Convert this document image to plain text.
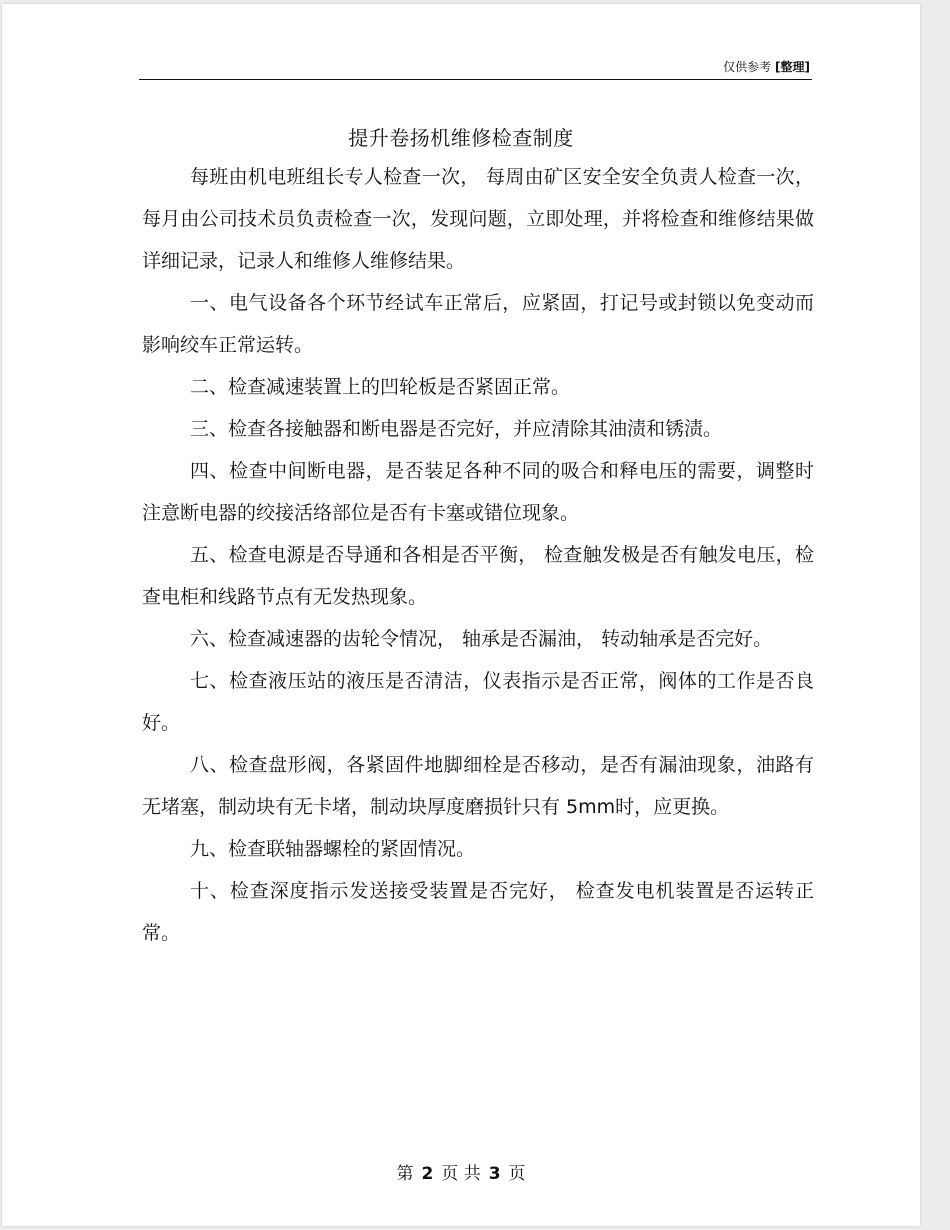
仅供参考 [整理]
提升卷扬机维修检查制度

每班由机电班组长专人检查一次， 每周由矿区安全安全负责人检查一次，每月由公司技术员负责检查一次，发现问题，立即处理，并将检查和维修结果做详细记录，记录人和维修人维修结果。

一、电气设备各个环节经试车正常后，应紧固，打记号或封锁以免变动而影响绞车正常运转。

二、检查减速装置上的凹轮板是否紧固正常。

三、检查各接触器和断电器是否完好，并应清除其油渍和锈渍。

四、检查中间断电器，是否装足各种不同的吸合和释电压的需要，调整时注意断电器的绞接活络部位是否有卡塞或错位现象。

五、检查电源是否导通和各相是否平衡， 检查触发极是否有触发电压，检查电柜和线路节点有无发热现象。

六、检查减速器的齿轮令情况， 轴承是否漏油， 转动轴承是否完好。

七、检查液压站的液压是否清洁，仪表指示是否正常，阀体的工作是否良好。

八、检查盘形阀，各紧固件地脚细栓是否移动，是否有漏油现象，油路有无堵塞，制动块有无卡堵，制动块厚度磨损针只有 5mm时，应更换。

九、检查联轴器螺栓的紧固情况。

十、检查深度指示发送接受装置是否完好， 检查发电机装置是否运转正常。

第 2 页 共 3 页
